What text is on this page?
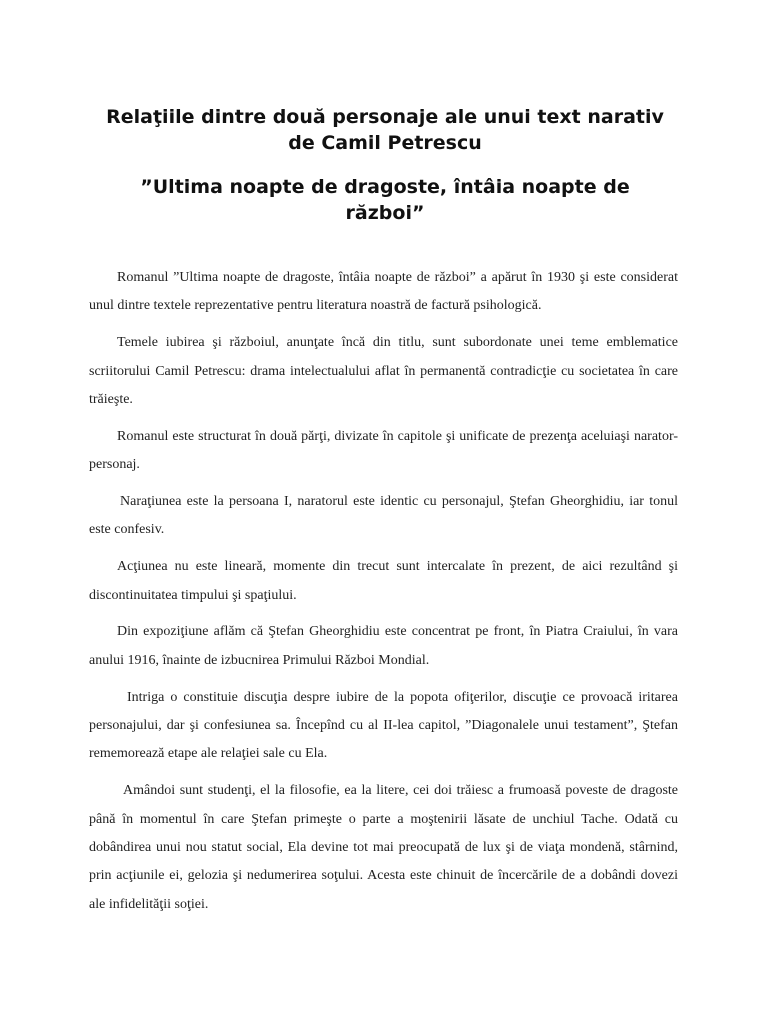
Relaţiile dintre două personaje ale unui text narativ de Camil Petrescu
”Ultima noapte de dragoste, întâia noapte de război”

Romanul ”Ultima noapte de dragoste, întâia noapte de război” a apărut în 1930 şi este considerat unul dintre textele reprezentative pentru literatura noastră de factură psihologică.

Temele iubirea şi războiul, anunţate încă din titlu, sunt subordonate unei teme emblematice scriitorului Camil Petrescu: drama intelectualului aflat în permanentă contradicţie cu societatea în care trăieşte.

Romanul este structurat în două părţi, divizate în capitole şi unificate de prezenţa aceluiaşi narator-personaj.

Naraţiunea este la persoana I, naratorul este identic cu personajul, Ştefan Gheorghidiu, iar tonul este confesiv.

Acţiunea nu este lineară, momente din trecut sunt intercalate în prezent, de aici rezultând şi discontinuitatea timpului şi spaţiului.

Din expoziţiune aflăm că Ştefan Gheorghidiu este concentrat pe front, în Piatra Craiului, în vara anului 1916, înainte de izbucnirea Primului Război Mondial.

Intriga o constituie discuţia despre iubire de la popota ofiţerilor, discuţie ce provoacă iritarea personajului, dar şi confesiunea sa. Începînd cu al II-lea capitol, ”Diagonalele unui testament”, Ştefan rememorează etape ale relaţiei sale cu Ela.

Amândoi sunt studenţi, el la filosofie, ea la litere, cei doi trăiesc a frumoasă poveste de dragoste până în momentul în care Ştefan primeşte o parte a moştenirii lăsate de unchiul Tache. Odată cu dobândirea unui nou statut social, Ela devine tot mai preocupată de lux şi de viaţa mondenă, stârnind, prin acţiunile ei, gelozia şi nedumerirea soţului. Acesta este chinuit de încercările de a dobândi dovezi ale infidelităţii soţiei.
